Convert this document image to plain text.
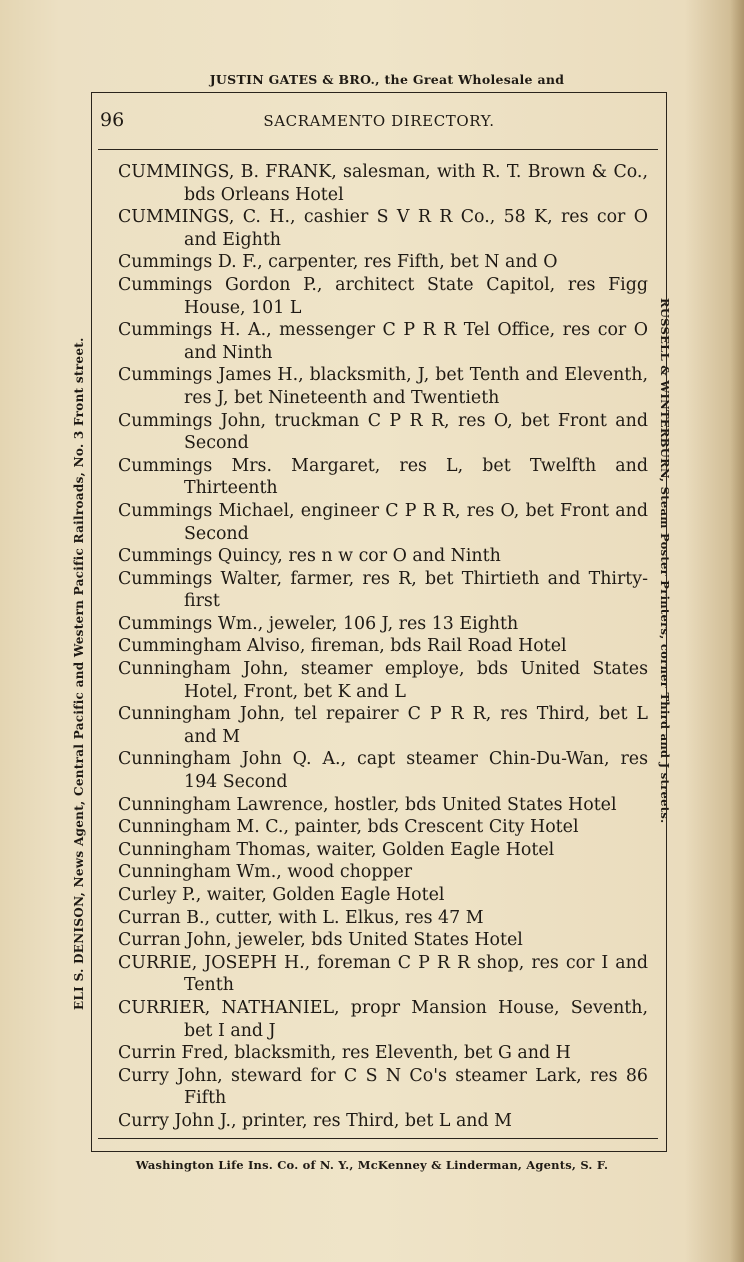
JUSTIN GATES & BRO., the Great Wholesale and
ELI S. DENISON, News Agent, Central Pacific and Western Pacific Railroads, No. 3 Front street.	RUSSELL & WINTERBURN, Steam Poster Printers, corner Third and J streets.
96	SACRAMENTO DIRECTORY.
CUMMINGS, B. FRANK, salesman, with R. T. Brown & Co., bds Orleans Hotel
CUMMINGS, C. H., cashier S V R R Co., 58 K, res cor O and Eighth
Cummings D. F., carpenter, res Fifth, bet N and O
Cummings Gordon P., architect State Capitol, res Figg House, 101 L
Cummings H. A., messenger C P R R Tel Office, res cor O and Ninth
Cummings James H., blacksmith, J, bet Tenth and Eleventh, res J, bet Nineteenth and Twentieth
Cummings John, truckman C P R R, res O, bet Front and Second
Cummings Mrs. Margaret, res L, bet Twelfth and Thirteenth
Cummings Michael, engineer C P R R, res O, bet Front and Second
Cummings Quincy, res n w cor O and Ninth
Cummings Walter, farmer, res R, bet Thirtieth and Thirty-first
Cummings Wm., jeweler, 106 J, res 13 Eighth
Cummingham Alviso, fireman, bds Rail Road Hotel
Cunningham John, steamer employe, bds United States Hotel, Front, bet K and L
Cunningham John, tel repairer C P R R, res Third, bet L and M
Cunningham John Q. A., capt steamer Chin-Du-Wan, res 194 Second
Cunningham Lawrence, hostler, bds United States Hotel
Cunningham M. C., painter, bds Crescent City Hotel
Cunningham Thomas, waiter, Golden Eagle Hotel
Cunningham Wm., wood chopper
Curley P., waiter, Golden Eagle Hotel
Curran B., cutter, with L. Elkus, res 47 M
Curran John, jeweler, bds United States Hotel
CURRIE, JOSEPH H., foreman C P R R shop, res cor I and Tenth
CURRIER, NATHANIEL, propr Mansion House, Seventh, bet I and J
Currin Fred, blacksmith, res Eleventh, bet G and H
Curry John, steward for C S N Co's steamer Lark, res 86 Fifth
Curry John J., printer, res Third, bet L and M
Washington Life Ins. Co. of N. Y., McKenney & Linderman, Agents, S. F.
